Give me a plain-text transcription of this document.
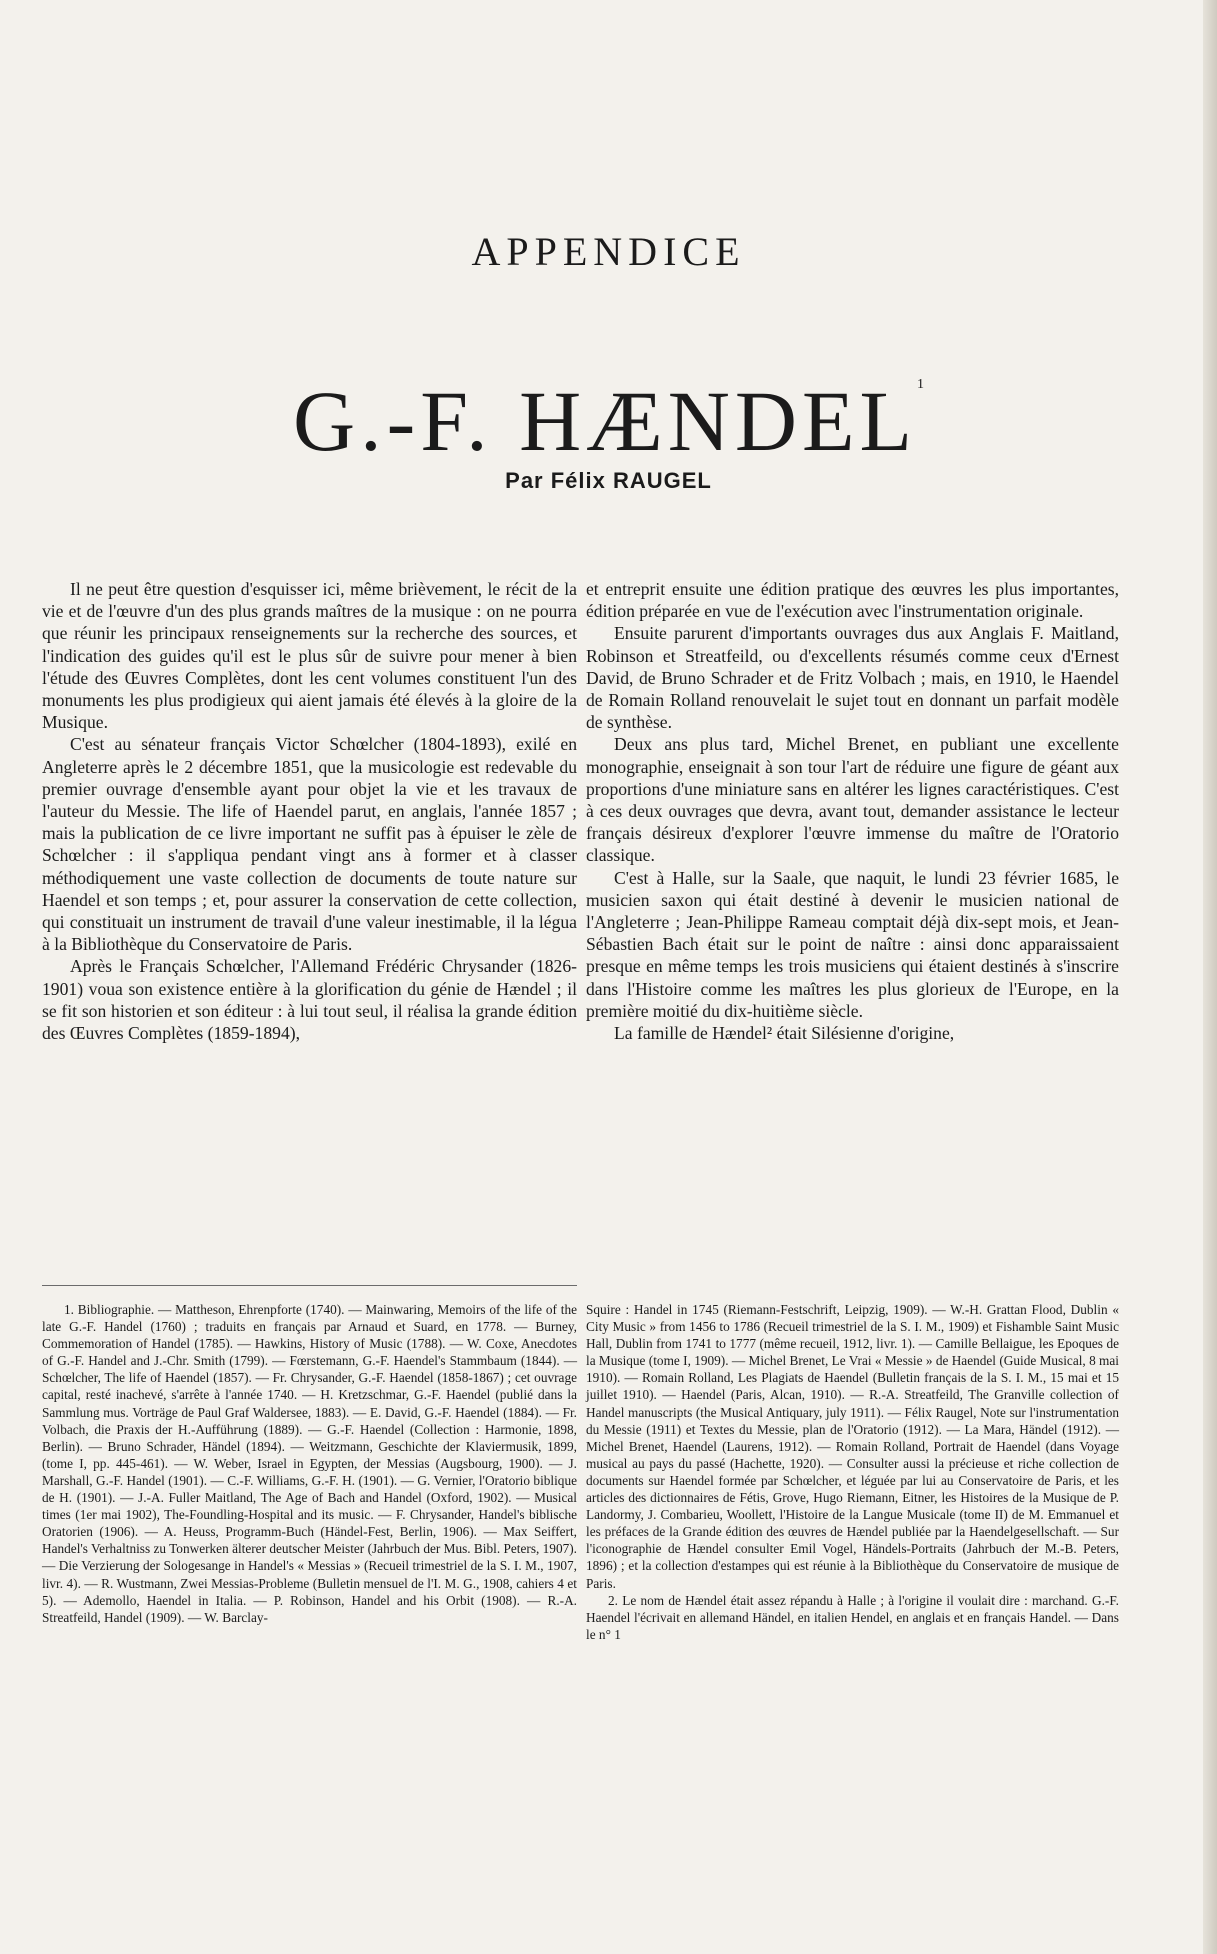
APPENDICE
G.-F. HÆNDEL$^1$
Par Félix RAUGEL

Il ne peut être question d'esquisser ici, même brièvement, le récit de la vie et de l'œuvre d'un des plus grands maîtres de la musique : on ne pourra que réunir les principaux renseignements sur la recherche des sources, et l'indication des guides qu'il est le plus sûr de suivre pour mener à bien l'étude des Œuvres Complètes, dont les cent volumes constituent l'un des monuments les plus prodigieux qui aient jamais été élevés à la gloire de la Musique.

C'est au sénateur français Victor Schœlcher (1804-1893), exilé en Angleterre après le 2 décembre 1851, que la musicologie est redevable du premier ouvrage d'ensemble ayant pour objet la vie et les travaux de l'auteur du Messie. The life of Haendel parut, en anglais, l'année 1857 ; mais la publication de ce livre important ne suffit pas à épuiser le zèle de Schœlcher : il s'appliqua pendant vingt ans à former et à classer méthodiquement une vaste collection de documents de toute nature sur Haendel et son temps ; et, pour assurer la conservation de cette collection, qui constituait un instrument de travail d'une valeur inestimable, il la légua à la Bibliothèque du Conservatoire de Paris.

Après le Français Schœlcher, l'Allemand Frédéric Chrysander (1826-1901) voua son existence entière à la glorification du génie de Hændel ; il se fit son historien et son éditeur : à lui tout seul, il réalisa la grande édition des Œuvres Complètes (1859-1894),

et entreprit ensuite une édition pratique des œuvres les plus importantes, édition préparée en vue de l'exécution avec l'instrumentation originale.

Ensuite parurent d'importants ouvrages dus aux Anglais F. Maitland, Robinson et Streatfeild, ou d'excellents résumés comme ceux d'Ernest David, de Bruno Schrader et de Fritz Volbach ; mais, en 1910, le Haendel de Romain Rolland renouvelait le sujet tout en donnant un parfait modèle de synthèse.

Deux ans plus tard, Michel Brenet, en publiant une excellente monographie, enseignait à son tour l'art de réduire une figure de géant aux proportions d'une miniature sans en altérer les lignes caractéristiques. C'est à ces deux ouvrages que devra, avant tout, demander assistance le lecteur français désireux d'explorer l'œuvre immense du maître de l'Oratorio classique.

C'est à Halle, sur la Saale, que naquit, le lundi 23 février 1685, le musicien saxon qui était destiné à devenir le musicien national de l'Angleterre ; Jean-Philippe Rameau comptait déjà dix-sept mois, et Jean-Sébastien Bach était sur le point de naître : ainsi donc apparaissaient presque en même temps les trois musiciens qui étaient destinés à s'inscrire dans l'Histoire comme les maîtres les plus glorieux de l'Europe, en la première moitié du dix-huitième siècle.

La famille de Hændel² était Silésienne d'origine,

1. Bibliographie. — Mattheson, Ehrenpforte (1740). — Mainwaring, Memoirs of the life of the late G.-F. Handel (1760) ; traduits en français par Arnaud et Suard, en 1778. — Burney, Commemoration of Handel (1785). — Hawkins, History of Music (1788). — W. Coxe, Anecdotes of G.-F. Handel and J.-Chr. Smith (1799). — Fœrstemann, G.-F. Haendel's Stammbaum (1844). — Schœlcher, The life of Haendel (1857). — Fr. Chrysander, G.-F. Haendel (1858-1867) ; cet ouvrage capital, resté inachevé, s'arrête à l'année 1740. — H. Kretzschmar, G.-F. Haendel (publié dans la Sammlung mus. Vorträge de Paul Graf Waldersee, 1883). — E. David, G.-F. Haendel (1884). — Fr. Volbach, die Praxis der H.-Aufführung (1889). — G.-F. Haendel (Collection : Harmonie, 1898, Berlin). — Bruno Schrader, Händel (1894). — Weitzmann, Geschichte der Klaviermusik, 1899, (tome I, pp. 445-461). — W. Weber, Israel in Egypten, der Messias (Augsbourg, 1900). — J. Marshall, G.-F. Handel (1901). — C.-F. Williams, G.-F. H. (1901). — G. Vernier, l'Oratorio biblique de H. (1901). — J.-A. Fuller Maitland, The Age of Bach and Handel (Oxford, 1902). — Musical times (1er mai 1902), The-Foundling-Hospital and its music. — F. Chrysander, Handel's biblische Oratorien (1906). — A. Heuss, Programm-Buch (Händel-Fest, Berlin, 1906). — Max Seiffert, Handel's Verhaltniss zu Tonwerken älterer deutscher Meister (Jahrbuch der Mus. Bibl. Peters, 1907). — Die Verzierung der Sologesange in Handel's « Messias » (Recueil trimestriel de la S. I. M., 1907, livr. 4). — R. Wustmann, Zwei Messias-Probleme (Bulletin mensuel de l'I. M. G., 1908, cahiers 4 et 5). — Ademollo, Haendel in Italia. — P. Robinson, Handel and his Orbit (1908). — R.-A. Streatfeild, Handel (1909). — W. Barclay-

Squire : Handel in 1745 (Riemann-Festschrift, Leipzig, 1909). — W.-H. Grattan Flood, Dublin « City Music » from 1456 to 1786 (Recueil trimestriel de la S. I. M., 1909) et Fishamble Saint Music Hall, Dublin from 1741 to 1777 (même recueil, 1912, livr. 1). — Camille Bellaigue, les Epoques de la Musique (tome I, 1909). — Michel Brenet, Le Vrai « Messie » de Haendel (Guide Musical, 8 mai 1910). — Romain Rolland, Les Plagiats de Haendel (Bulletin français de la S. I. M., 15 mai et 15 juillet 1910). — Haendel (Paris, Alcan, 1910). — R.-A. Streatfeild, The Granville collection of Handel manuscripts (the Musical Antiquary, july 1911). — Félix Raugel, Note sur l'instrumentation du Messie (1911) et Textes du Messie, plan de l'Oratorio (1912). — La Mara, Händel (1912). — Michel Brenet, Haendel (Laurens, 1912). — Romain Rolland, Portrait de Haendel (dans Voyage musical au pays du passé (Hachette, 1920). — Consulter aussi la précieuse et riche collection de documents sur Haendel formée par Schœlcher, et léguée par lui au Conservatoire de Paris, et les articles des dictionnaires de Fétis, Grove, Hugo Riemann, Eitner, les Histoires de la Musique de P. Landormy, J. Combarieu, Woollett, l'Histoire de la Langue Musicale (tome II) de M. Emmanuel et les préfaces de la Grande édition des œuvres de Hændel publiée par la Haendelgesellschaft. — Sur l'iconographie de Hændel consulter Emil Vogel, Händels-Portraits (Jahrbuch der M.-B. Peters, 1896) ; et la collection d'estampes qui est réunie à la Bibliothèque du Conservatoire de musique de Paris.

2. Le nom de Hændel était assez répandu à Halle ; à l'origine il voulait dire : marchand. G.-F. Haendel l'écrivait en allemand Händel, en italien Hendel, en anglais et en français Handel. — Dans le n° 1
